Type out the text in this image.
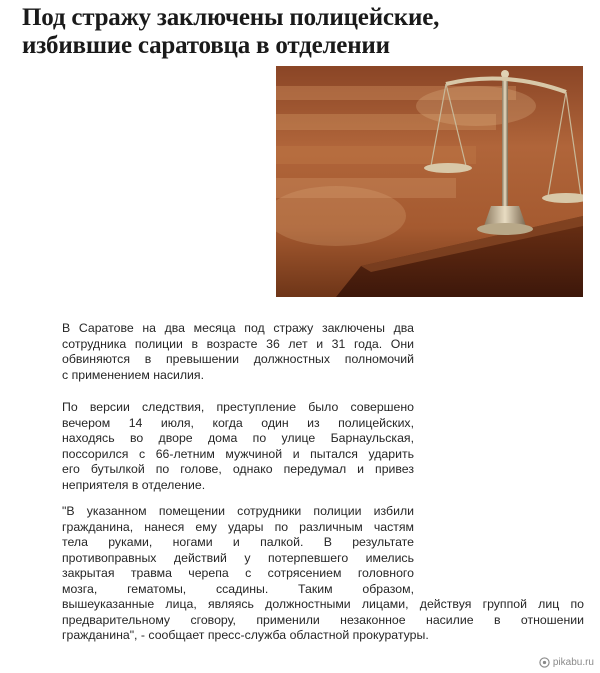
Под стражу заключены полицейские,
избившие саратовца в отделении

В Саратове на два месяца под стражу заключены два
сотрудника полиции в возрасте 36 лет и 31 года. Они
обвиняются в превышении должностных полномочий
с применением насилия.

По версии следствия, преступление было совершено
вечером 14 июля, когда один из полицейских,
находясь во дворе дома по улице Барнаульская,
поссорился с 66-летним мужчиной и пытался ударить
его бутылкой по голове, однако передумал и привез
неприятеля в отделение.

"В указанном помещении сотрудники полиции избили
гражданина, нанеся ему удары по различным частям
тела руками, ногами и палкой. В результате
противоправных действий у потерпевшего имелись
закрытая травма черепа с сотрясением головного
мозга, гематомы, ссадины. Таким образом,
вышеуказанные лица, являясь должностными лицами, действуя группой лиц по
предварительному сговору, применили незаконное насилие в отношении
гражданина", - сообщает пресс-служба областной прокуратуры.
pikabu.ru
